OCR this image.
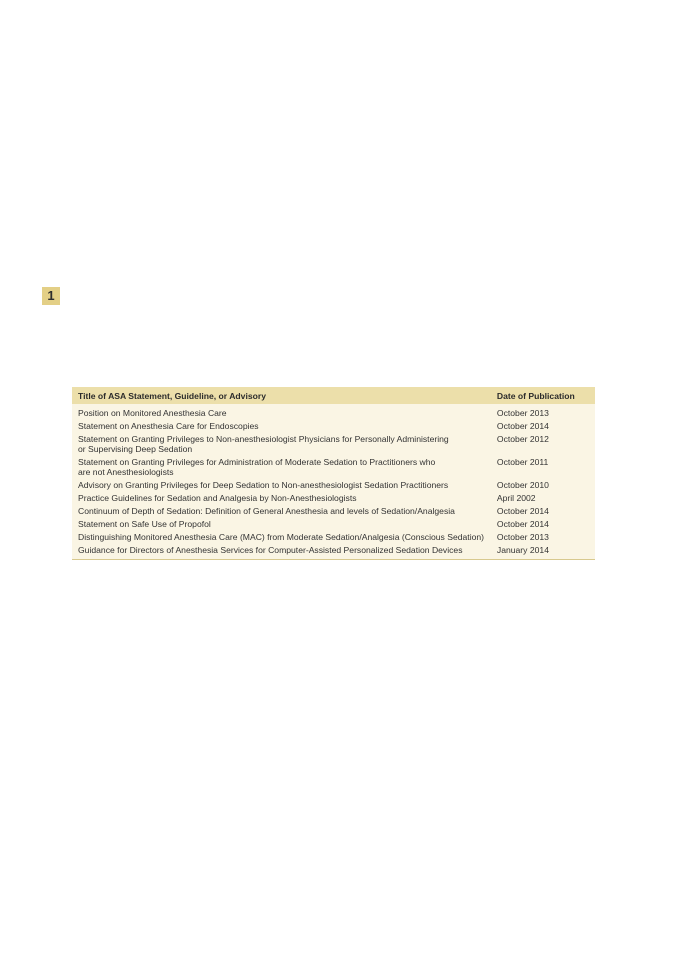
1
Title of ASA Statement, Guideline, or Advisory	Date of Publication
Position on Monitored Anesthesia Care	October 2013
Statement on Anesthesia Care for Endoscopies	October 2014
Statement on Granting Privileges to Non-anesthesiologist Physicians for Personally Administering
or Supervising Deep Sedation	October 2012
Statement on Granting Privileges for Administration of Moderate Sedation to Practitioners who
are not Anesthesiologists	October 2011
Advisory on Granting Privileges for Deep Sedation to Non-anesthesiologist Sedation Practitioners	October 2010
Practice Guidelines for Sedation and Analgesia by Non-Anesthesiologists	April 2002
Continuum of Depth of Sedation: Definition of General Anesthesia and levels of Sedation/Analgesia	October 2014
Statement on Safe Use of Propofol	October 2014
Distinguishing Monitored Anesthesia Care (MAC) from Moderate Sedation/Analgesia (Conscious Sedation)	October 2013
Guidance for Directors of Anesthesia Services for Computer-Assisted Personalized Sedation Devices	January 2014
